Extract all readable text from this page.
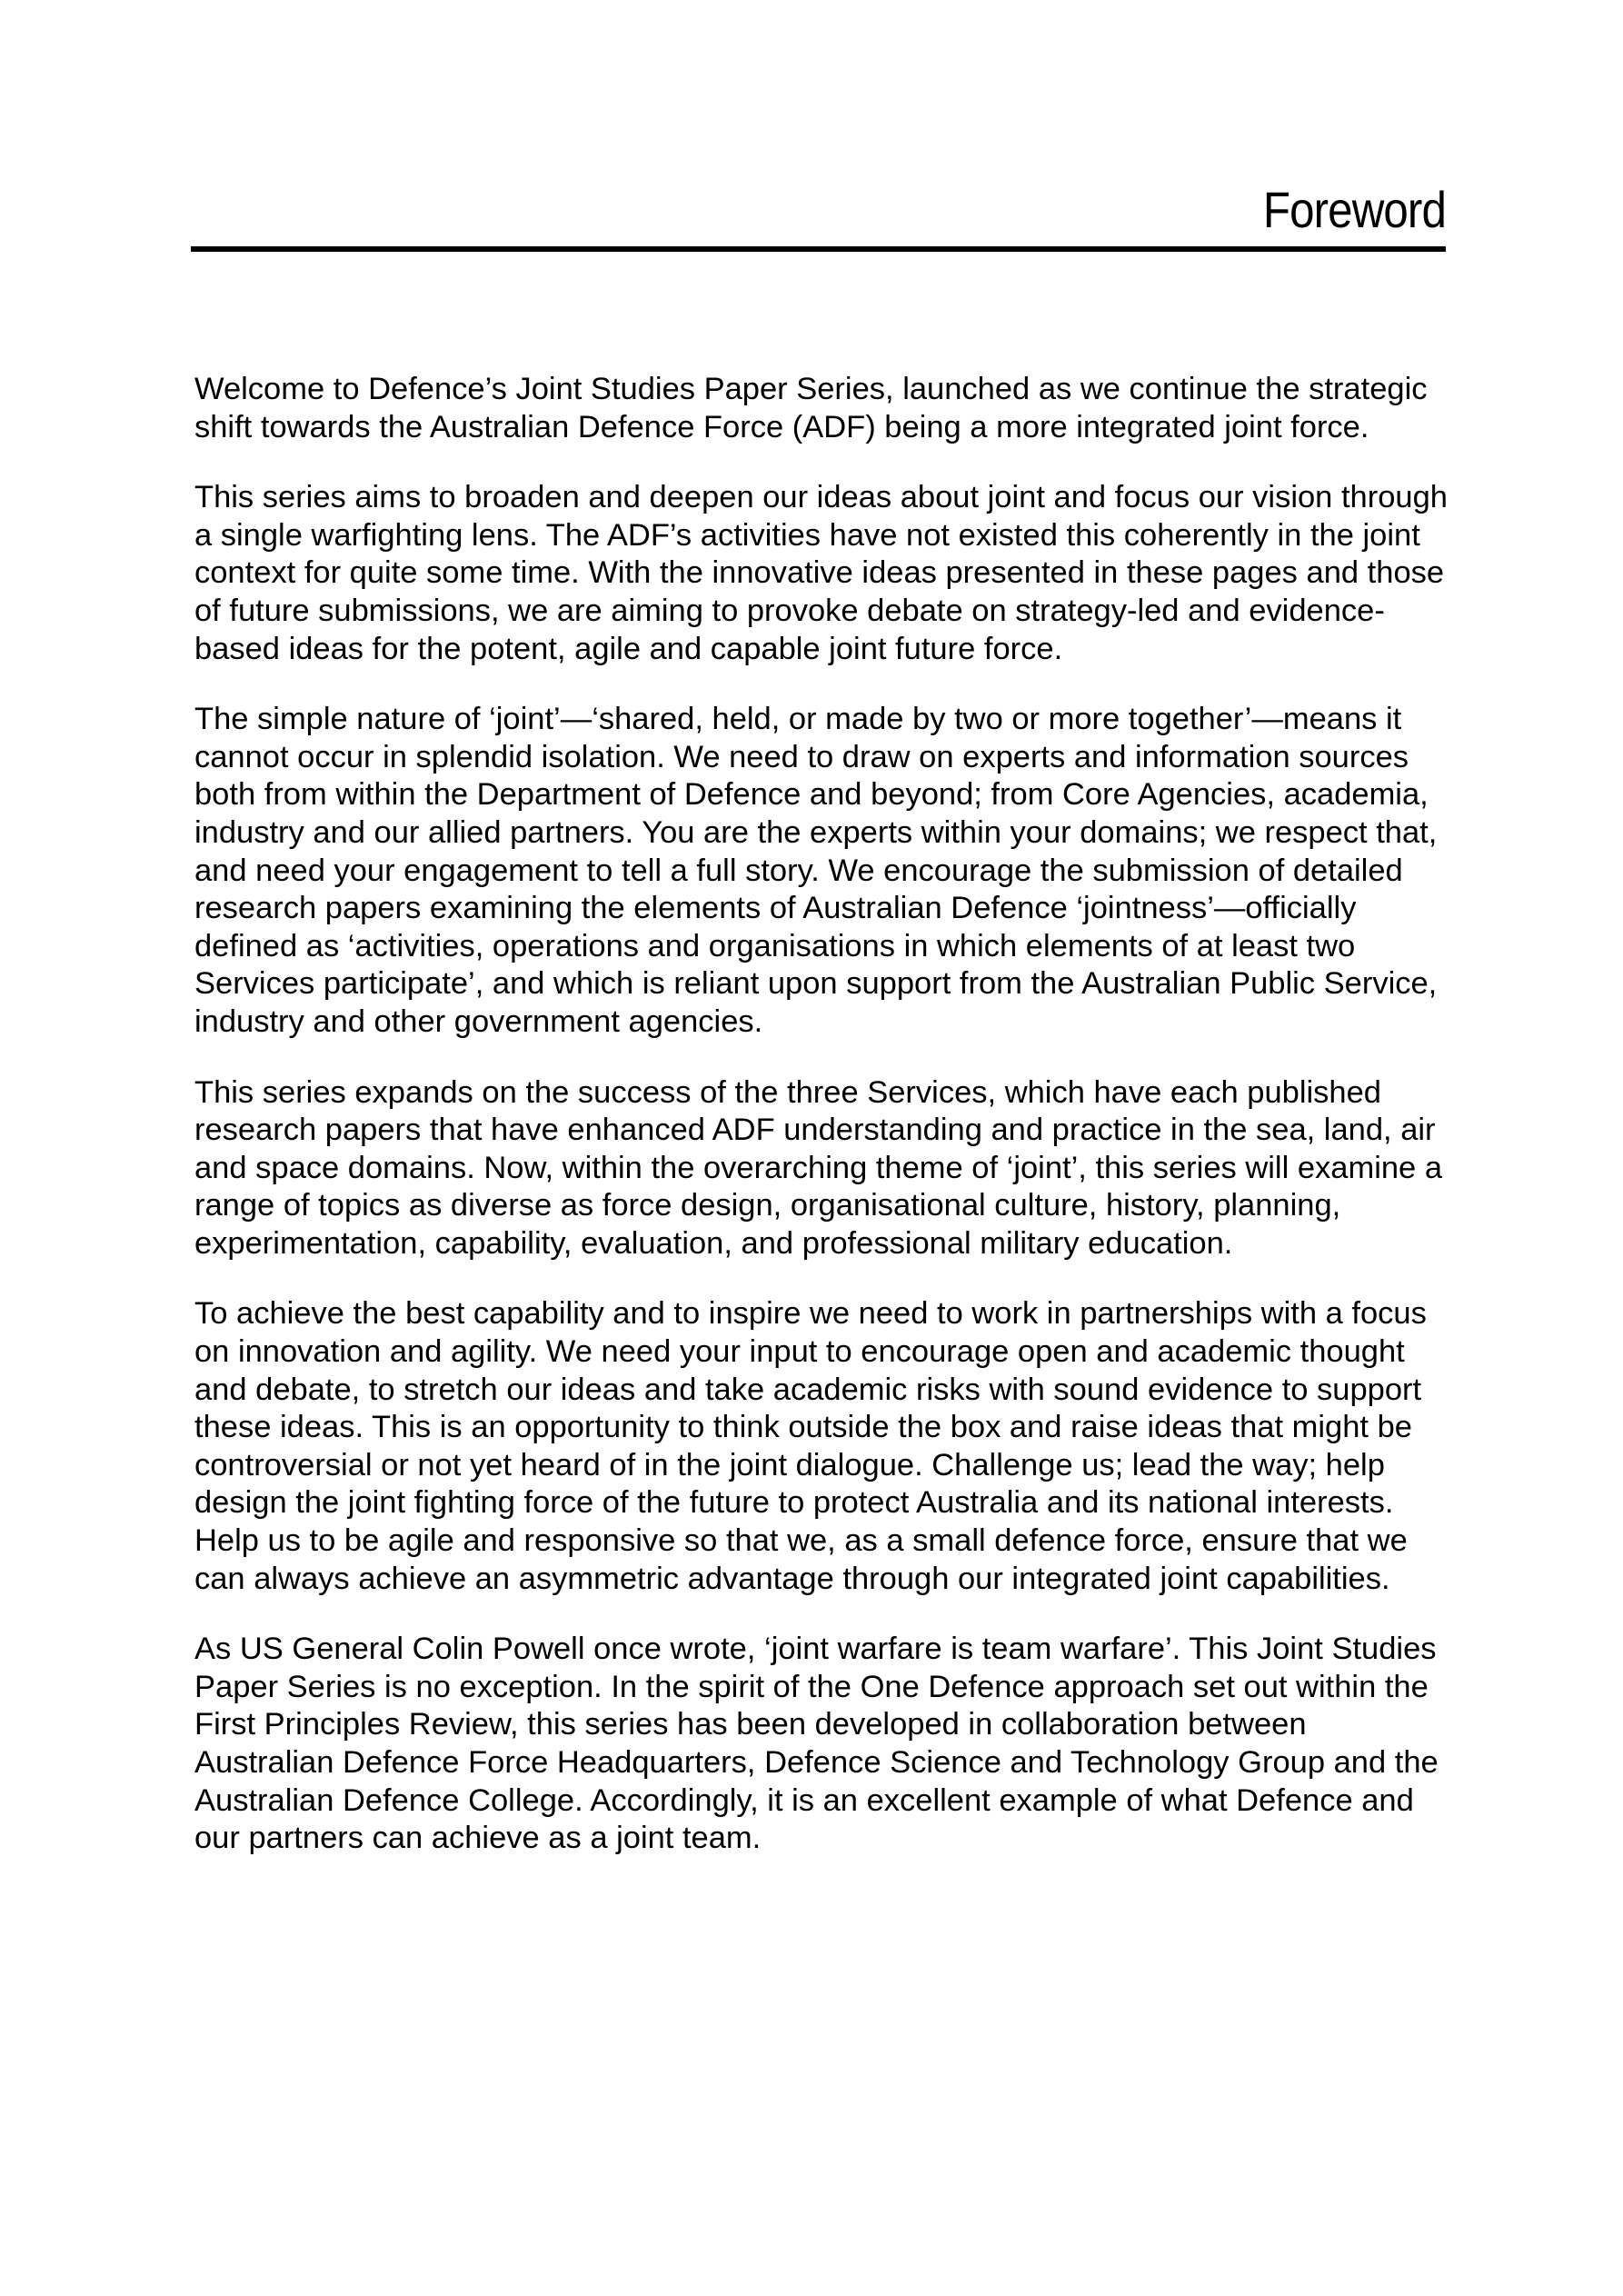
Foreword

Welcome to Defence’s Joint Studies Paper Series, launched as we continue the strategic shift towards the Australian Defence Force (ADF) being a more integrated joint force.

This series aims to broaden and deepen our ideas about joint and focus our vision through a single warfighting lens. The ADF’s activities have not existed this coherently in the joint context for quite some time. With the innovative ideas presented in these pages and those of future submissions, we are aiming to provoke debate on strategy-led and evidence-based ideas for the potent, agile and capable joint future force.

The simple nature of ‘joint’—‘shared, held, or made by two or more together’—means it cannot occur in splendid isolation. We need to draw on experts and information sources both from within the Department of Defence and beyond; from Core Agencies, academia, industry and our allied partners. You are the experts within your domains; we respect that, and need your engagement to tell a full story. We encourage the submission of detailed research papers examining the elements of Australian Defence ‘jointness’—officially defined as ‘activities, operations and organisations in which elements of at least two Services participate’, and which is reliant upon support from the Australian Public Service, industry and other government agencies.

This series expands on the success of the three Services, which have each published research papers that have enhanced ADF understanding and practice in the sea, land, air and space domains. Now, within the overarching theme of ‘joint’, this series will examine a range of topics as diverse as force design, organisational culture, history, planning, experimentation, capability, evaluation, and professional military education.

To achieve the best capability and to inspire we need to work in partnerships with a focus on innovation and agility. We need your input to encourage open and academic thought and debate, to stretch our ideas and take academic risks with sound evidence to support these ideas. This is an opportunity to think outside the box and raise ideas that might be controversial or not yet heard of in the joint dialogue. Challenge us; lead the way; help design the joint fighting force of the future to protect Australia and its national interests. Help us to be agile and responsive so that we, as a small defence force, ensure that we can always achieve an asymmetric advantage through our integrated joint capabilities.

As US General Colin Powell once wrote, ‘joint warfare is team warfare’. This Joint Studies Paper Series is no exception. In the spirit of the One Defence approach set out within the First Principles Review, this series has been developed in collaboration between Australian Defence Force Headquarters, Defence Science and Technology Group and the Australian Defence College. Accordingly, it is an excellent example of what Defence and our partners can achieve as a joint team.
